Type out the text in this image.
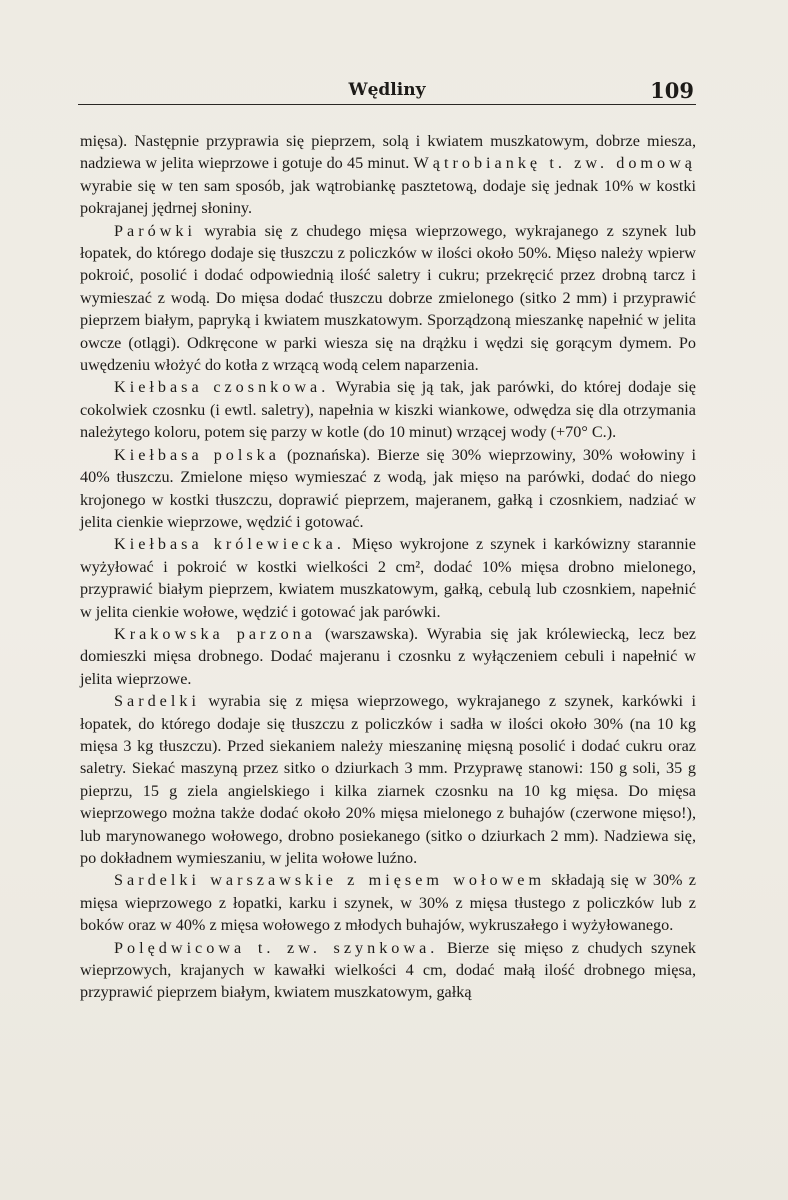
Wędliny	109

mięsa). Następnie przyprawia się pieprzem, solą i kwiatem muszkatowym, dobrze miesza, nadziewa w jelita wieprzowe i gotuje do 45 minut. Wątrobiankę t. zw. domową wyrabie się w ten sam sposób, jak wątrobiankę pasztetową, dodaje się jednak 10% w kostki pokrajanej jędrnej słoniny.

Parówki wyrabia się z chudego mięsa wieprzowego, wykrajanego z szynek lub łopatek, do którego dodaje się tłuszczu z policzków w ilości około 50%. Mięso należy wpierw pokroić, posolić i dodać odpowiednią ilość saletry i cukru; przekręcić przez drobną tarcz i wymieszać z wodą. Do mięsa dodać tłuszczu dobrze zmielonego (sitko 2 mm) i przyprawić pieprzem białym, papryką i kwiatem muszkatowym. Sporządzoną mieszankę napełnić w jelita owcze (otlągi). Odkręcone w parki wiesza się na drążku i wędzi się gorącym dymem. Po uwędzeniu włożyć do kotła z wrzącą wodą celem naparzenia.

Kiełbasa czosnkowa. Wyrabia się ją tak, jak parówki, do której dodaje się cokolwiek czosnku (i ewtl. saletry), napełnia w kiszki wiankowe, odwędza się dla otrzymania należytego koloru, potem się parzy w kotle (do 10 minut) wrzącej wody (+70° C.).

Kiełbasa polska (poznańska). Bierze się 30% wieprzowiny, 30% wołowiny i 40% tłuszczu. Zmielone mięso wymieszać z wodą, jak mięso na parówki, dodać do niego krojonego w kostki tłuszczu, doprawić pieprzem, majeranem, gałką i czosnkiem, nadziać w jelita cienkie wieprzowe, wędzić i gotować.

Kiełbasa królewiecka. Mięso wykrojone z szynek i karkówizny starannie wyżyłować i pokroić w kostki wielkości 2 cm², dodać 10% mięsa drobno mielonego, przyprawić białym pieprzem, kwiatem muszkatowym, gałką, cebulą lub czosnkiem, napełnić w jelita cienkie wołowe, wędzić i gotować jak parówki.

Krakowska parzona (warszawska). Wyrabia się jak królewiecką, lecz bez domieszki mięsa drobnego. Dodać majeranu i czosnku z wyłączeniem cebuli i napełnić w jelita wieprzowe.

Sardelki wyrabia się z mięsa wieprzowego, wykrajanego z szynek, karkówki i łopatek, do którego dodaje się tłuszczu z policzków i sadła w ilości około 30% (na 10 kg mięsa 3 kg tłuszczu). Przed siekaniem należy mieszaninę mięsną posolić i dodać cukru oraz saletry. Siekać maszyną przez sitko o dziurkach 3 mm. Przyprawę stanowi: 150 g soli, 35 g pieprzu, 15 g ziela angielskiego i kilka ziarnek czosnku na 10 kg mięsa. Do mięsa wieprzowego można także dodać około 20% mięsa mielonego z buhajów (czerwone mięso!), lub marynowanego wołowego, drobno posiekanego (sitko o dziurkach 2 mm). Nadziewa się, po dokładnem wymieszaniu, w jelita wołowe luźno.

Sardelki warszawskie z mięsem wołowem składają się w 30% z mięsa wieprzowego z łopatki, karku i szynek, w 30% z mięsa tłustego z policzków lub z boków oraz w 40% z mięsa wołowego z młodych buhajów, wykruszałego i wyżyłowanego.

Polędwicowa t. zw. szynkowa. Bierze się mięso z chudych szynek wieprzowych, krajanych w kawałki wielkości 4 cm, dodać małą ilość drobnego mięsa, przyprawić pieprzem białym, kwiatem muszkatowym, gałką
